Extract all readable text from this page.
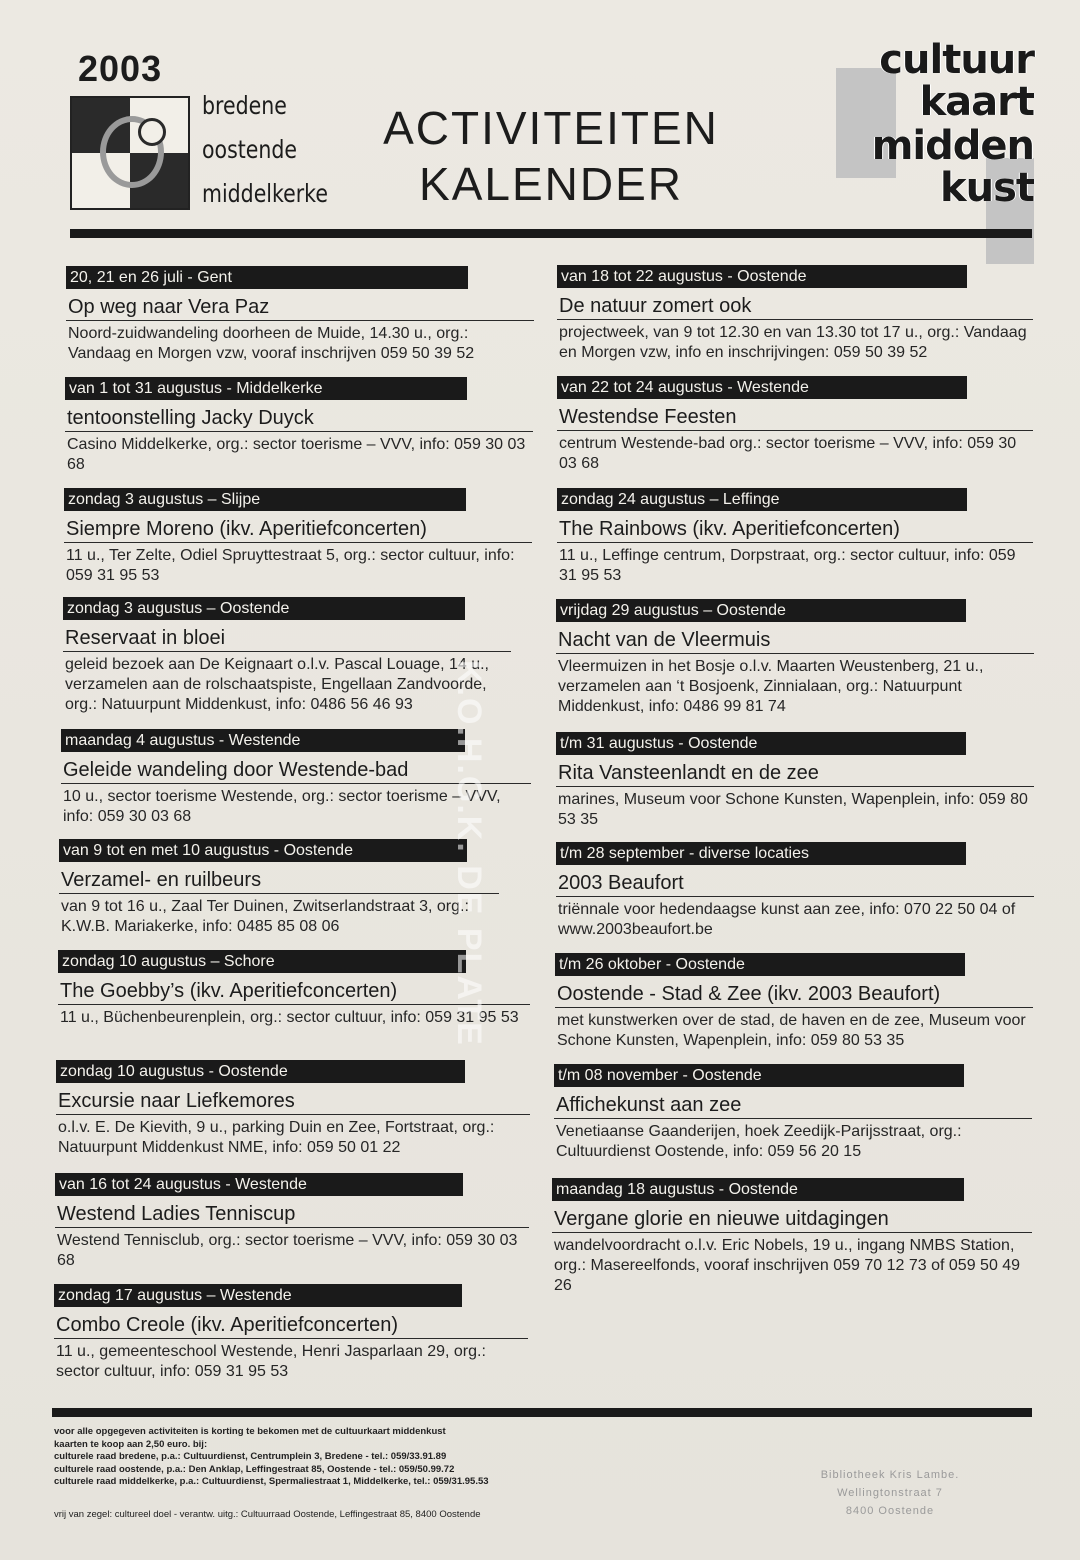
2003
bredene
oostende
middelkerke
ACTIVITEITEN
KALENDER
cultuur
kaart
midden
kust
20, 21 en 26 juli - Gent
Op weg naar Vera Paz
Noord-zuidwandeling doorheen de Muide, 14.30 u., org.: Vandaag en Morgen vzw, vooraf inschrijven 059 50 39 52
van 1 tot 31 augustus - Middelkerke
tentoonstelling Jacky Duyck
Casino Middelkerke, org.: sector toerisme – VVV, info: 059 30 03 68
zondag 3 augustus – Slijpe
Siempre Moreno (ikv. Aperitiefconcerten)
11 u., Ter Zelte, Odiel Spruyttestraat 5, org.: sector cultuur, info: 059 31 95 53
zondag 3 augustus – Oostende
Reservaat in bloei
geleid bezoek aan De Keignaart o.l.v. Pascal Louage, 14 u., verzamelen aan de rolschaatspiste, Engellaan Zandvoorde, org.: Natuurpunt Middenkust, info: 0486 56 46 93
maandag 4 augustus - Westende
Geleide wandeling door Westende-bad
10 u., sector toerisme Westende, org.: sector toerisme – VVV, info: 059 30 03 68
van 9 tot en met 10 augustus - Oostende
Verzamel- en ruilbeurs
van 9 tot 16 u., Zaal Ter Duinen, Zwitserlandstraat 3, org.: K.W.B. Mariakerke, info: 0485 85 08 06
zondag 10 augustus – Schore
The Goebby’s (ikv. Aperitiefconcerten)
11 u., Büchenbeurenplein, org.: sector cultuur, info: 059 31 95 53
zondag 10 augustus - Oostende
Excursie naar Liefkemores
o.l.v. E. De Kievith, 9 u., parking Duin en Zee, Fortstraat, org.: Natuurpunt Middenkust NME, info: 059 50 01 22
van 16 tot 24 augustus - Westende
Westend Ladies Tenniscup
Westend Tennisclub, org.: sector toerisme – VVV, info: 059 30 03 68
zondag 17 augustus – Westende
Combo Creole (ikv. Aperitiefconcerten)
11 u., gemeenteschool Westende, Henri Jasparlaan 29, org.: sector cultuur, info: 059 31 95 53
van 18 tot 22 augustus - Oostende
De natuur zomert ook
projectweek, van 9 tot 12.30 en van 13.30 tot 17 u., org.: Vandaag en Morgen vzw, info en inschrijvingen: 059 50 39 52
van 22 tot 24 augustus - Westende
Westendse Feesten
centrum Westende-bad org.: sector toerisme – VVV, info: 059 30 03 68
zondag 24 augustus – Leffinge
The Rainbows (ikv. Aperitiefconcerten)
11 u., Leffinge centrum, Dorpstraat, org.: sector cultuur, info: 059 31 95 53
vrijdag 29 augustus – Oostende
Nacht van de Vleermuis
Vleermuizen in het Bosje o.l.v. Maarten Weustenberg, 21 u., verzamelen aan ‘t Bosjoenk, Zinnialaan, org.: Natuurpunt Middenkust, info: 0486 99 81 74
t/m 31 augustus - Oostende
Rita Vansteenlandt en de zee
marines, Museum voor Schone Kunsten, Wapenplein, info: 059 80 53 35
t/m 28 september - diverse locaties
2003 Beaufort
triënnale voor hedendaagse kunst aan zee, info: 070 22 50 04 of www.2003beaufort.be
t/m 26 oktober - Oostende
Oostende - Stad & Zee (ikv. 2003 Beaufort)
met kunstwerken over de stad, de haven en de zee, Museum voor Schone Kunsten, Wapenplein, info: 059 80 53 35
t/m 08 november - Oostende
Affichekunst aan zee
Venetiaanse Gaanderijen, hoek Zeedijk-Parijsstraat, org.: Cultuurdienst Oostende, info: 059 56 20 15
maandag 18 augustus - Oostende
Vergane glorie en nieuwe uitdagingen
wandelvoordracht o.l.v. Eric Nobels, 19 u., ingang NMBS Station, org.: Masereelfonds, vooraf inschrijven 059 70 12 73 of 059 50 49 26
K.O.H.G.K. DE PLATE
voor alle opgegeven activiteiten is korting te bekomen met de cultuurkaart middenkust
kaarten te koop aan 2,50 euro. bij:
culturele raad bredene, p.a.: Cultuurdienst, Centrumplein 3, Bredene - tel.: 059/33.91.89
culturele raad oostende, p.a.: Den Anklap, Leffingestraat 85, Oostende - tel.: 059/50.99.72
culturele raad middelkerke, p.a.: Cultuurdienst, Spermaliestraat 1, Middelkerke, tel.: 059/31.95.53
vrij van zegel: cultureel doel - verantw. uitg.: Cultuurraad Oostende, Leffingestraat 85, 8400 Oostende
Bibliotheek Kris Lambe.
Wellingtonstraat 7
8400 Oostende
